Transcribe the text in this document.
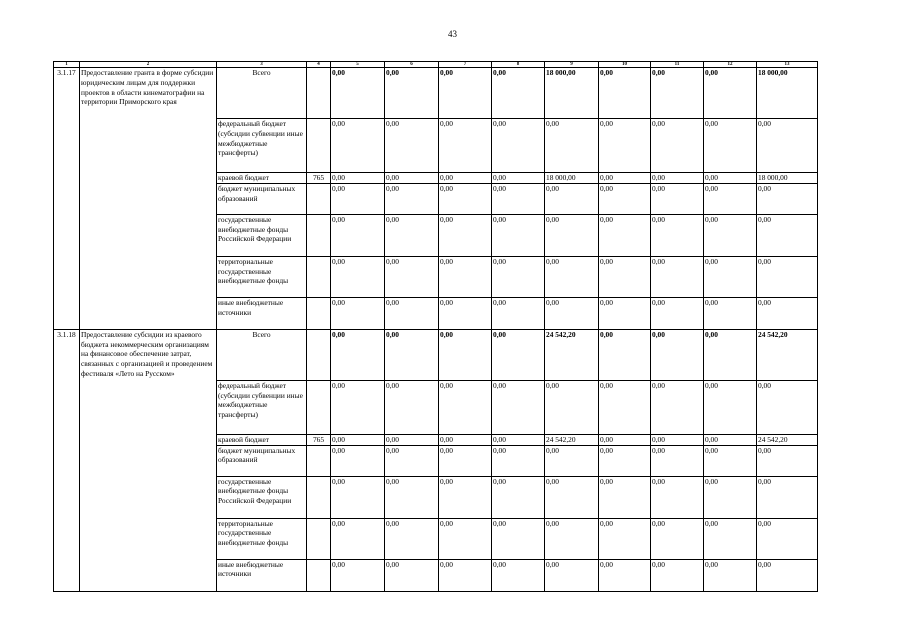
43
1	2	3	4	5	6	7	8	9	10	11	12	13
3.1.17	Предоставление гранта в форме субсидии юридическим лицам для поддержки проектов в области кинематографии на территории Приморского края	Всего		0,00	0,00	0,00	0,00	18 000,00	0,00	0,00	0,00	18 000,00
		федеральный бюджет (субсидии субвенции иные межбюджетные трансферты)		0,00	0,00	0,00	0,00	0,00	0,00	0,00	0,00	0,00
		краевой бюджет	765	0,00	0,00	0,00	0,00	18 000,00	0,00	0,00	0,00	18 000,00
		бюджет муниципальных образований		0,00	0,00	0,00	0,00	0,00	0,00	0,00	0,00	0,00
		государственные внебюджетные фонды Российской Федерации		0,00	0,00	0,00	0,00	0,00	0,00	0,00	0,00	0,00
		территориальные государственные внебюджетные фонды		0,00	0,00	0,00	0,00	0,00	0,00	0,00	0,00	0,00
		иные внебюджетные источники		0,00	0,00	0,00	0,00	0,00	0,00	0,00	0,00	0,00
3.1.18	Предоставление субсидии из краевого бюджета некоммерческим организациям на финансовое обеспечение затрат, связанных с организацией и проведением фестиваля «Лето на Русском»	Всего		0,00	0,00	0,00	0,00	24 542,20	0,00	0,00	0,00	24 542,20
		федеральный бюджет (субсидии субвенции иные межбюджетные трансферты)		0,00	0,00	0,00	0,00	0,00	0,00	0,00	0,00	0,00
		краевой бюджет	765	0,00	0,00	0,00	0,00	24 542,20	0,00	0,00	0,00	24 542,20
		бюджет муниципальных образований		0,00	0,00	0,00	0,00	0,00	0,00	0,00	0,00	0,00
		государственные внебюджетные фонды Российской Федерации		0,00	0,00	0,00	0,00	0,00	0,00	0,00	0,00	0,00
		территориальные государственные внебюджетные фонды		0,00	0,00	0,00	0,00	0,00	0,00	0,00	0,00	0,00
		иные внебюджетные источники		0,00	0,00	0,00	0,00	0,00	0,00	0,00	0,00	0,00
